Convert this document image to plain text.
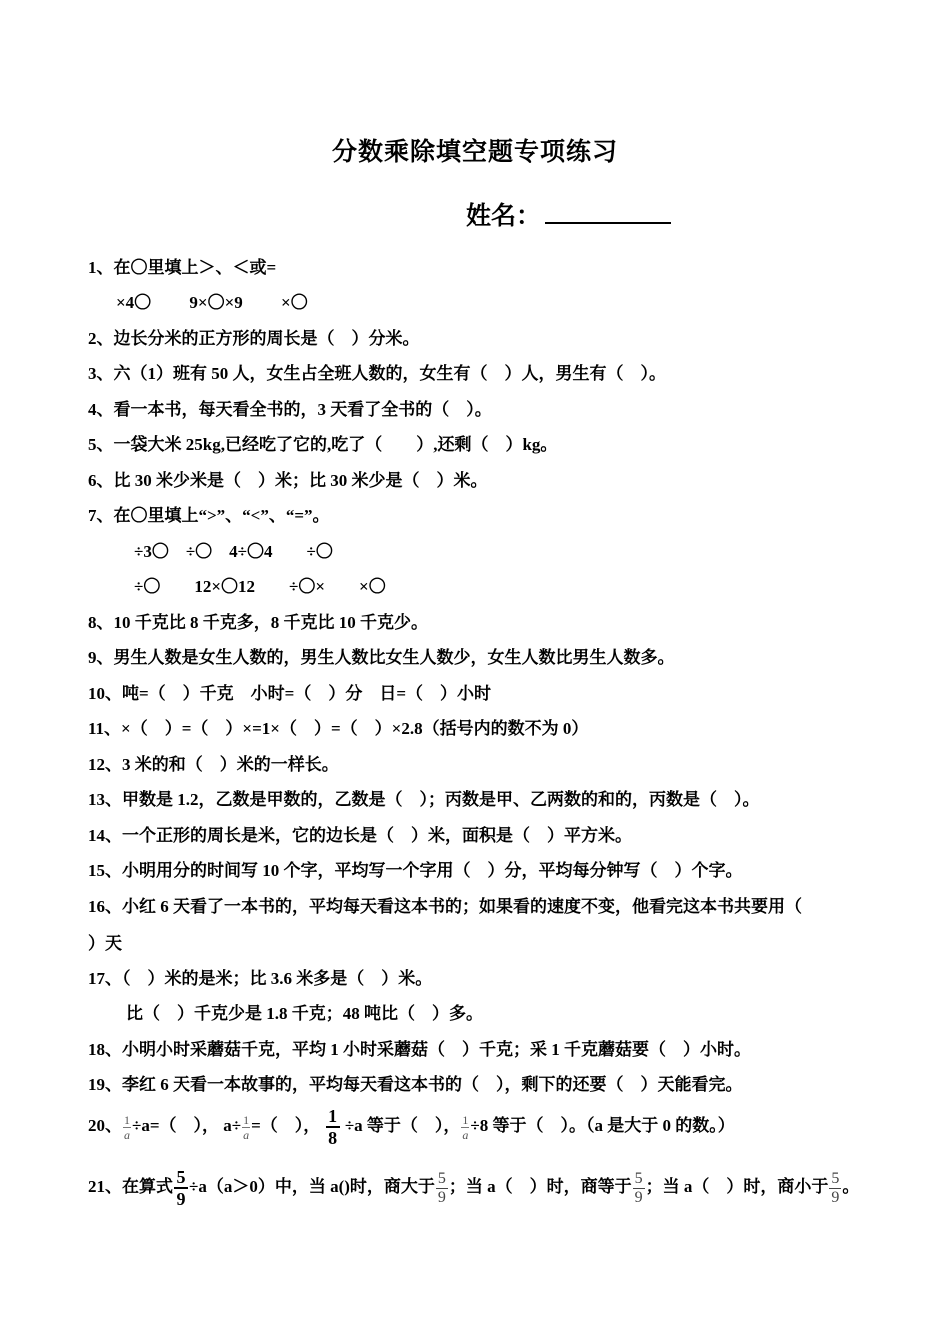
分数乘除填空题专项练习
姓名：
1、在〇里填上＞、＜或=
×4〇　　 9×〇×9　　 ×〇
2、边长分米的正方形的周长是（　）分米。
3、六（1）班有 50 人，女生占全班人数的，女生有（　）人，男生有（　）。
4、看一本书，每天看全书的，3 天看了全书的（　）。
5、一袋大米 25kg,已经吃了它的,吃了（　　）,还剩（　）kg。
6、比 30 米少米是（　）米；比 30 米少是（　）米。
7、在〇里填上“>”、“<”、“=”。
÷3〇　÷〇　4÷〇4　　÷〇
÷〇　　12×〇12　　÷〇×　　×〇
8、10 千克比 8 千克多，8 千克比 10 千克少。
9、男生人数是女生人数的，男生人数比女生人数少，女生人数比男生人数多。
10、吨=（　）千克　小时=（　）分　日=（　）小时
11、×（　）=（　）×=1×（　）=（　）×2.8（括号内的数不为 0）
12、3 米的和（　）米的一样长。
13、甲数是 1.2，乙数是甲数的，乙数是（　）；丙数是甲、乙两数的和的，丙数是（　）。
14、一个正形的周长是米，它的边长是（　）米，面积是（　）平方米。
15、小明用分的时间写 10 个字，平均写一个字用（　）分，平均每分钟写（　）个字。
16、小红 6 天看了一本书的，平均每天看这本书的；如果看的速度不变，他看完这本书共要用（
）天
17、（　）米的是米；比 3.6 米多是（　）米。
比（　）千克少是 1.8 千克；48 吨比（　）多。
18、小明小时采蘑菇千克，平均 1 小时采蘑菇（　）千克；采 1 千克蘑菇要（　）小时。
19、李红 6 天看一本故事的，平均每天看这本书的（　），剩下的还要（　）天能看完。
20、 $\frac{1}{a} \div a=$（　）， $a\div \frac{1}{a}$ =（　）， $\frac{1}{8} \div a$ 等于（　）， $\frac{1}{a} \div 8$ 等于（　）。（a 是大于 0 的数。）
21、在算式 $\frac{5}{9} \div a(a>0)$中，当 a()时，商大于 $\frac{5}{9}$ ；当 a（　）时，商等于 $\frac{5}{9}$ ；当 a（　）时，商小于 $\frac{5}{9}$ 。
